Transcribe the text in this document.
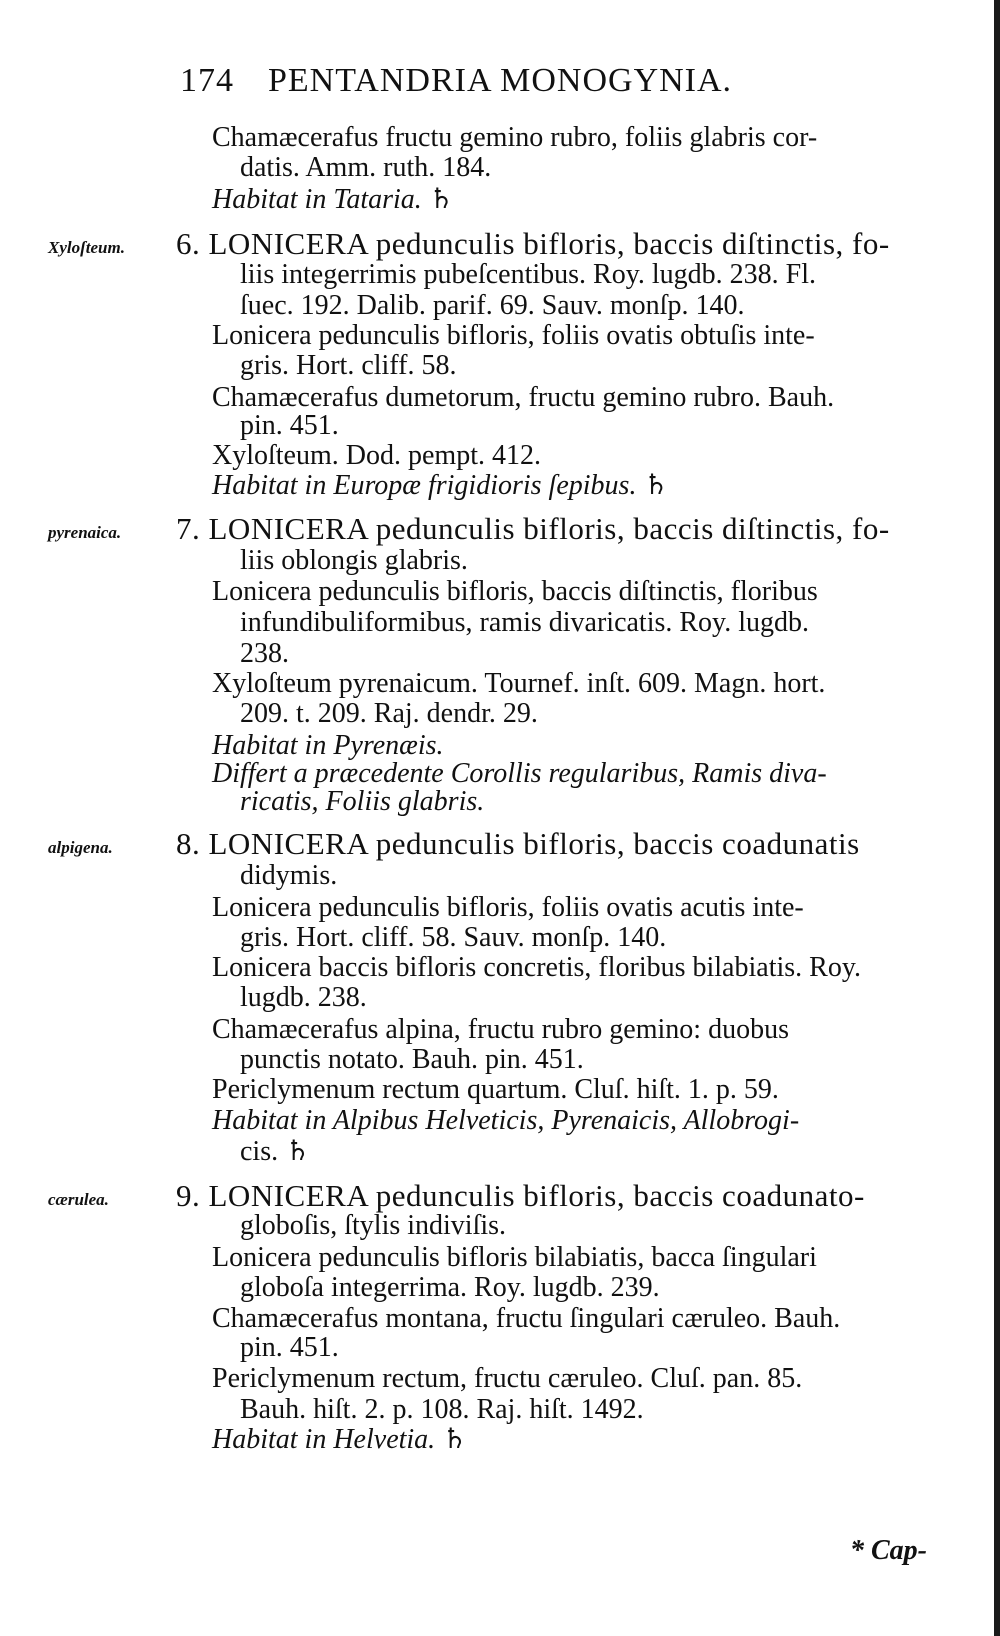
174 PENTANDRIA MONOGYNIA.
Chamæcerafus fructu gemino rubro, foliis glabris cor-
datis. Amm. ruth. 184.
Habitat in Tataria. ♄
6. LONICERA pedunculis bifloris, baccis diſtinctis, fo-
Xyloſteum.
liis integerrimis pubeſcentibus. Roy. lugdb. 238. Fl.
ſuec. 192. Dalib. parif. 69. Sauv. monſp. 140.
Lonicera pedunculis bifloris, foliis ovatis obtuſis inte-
gris. Hort. cliff. 58.
Chamæcerafus dumetorum, fructu gemino rubro. Bauh.
pin. 451.
Xyloſteum. Dod. pempt. 412.
Habitat in Europæ frigidioris ſepibus. ♄
7. LONICERA pedunculis bifloris, baccis diſtinctis, fo-
pyrenaica.
liis oblongis glabris.
Lonicera pedunculis bifloris, baccis diſtinctis, floribus
infundibuliformibus, ramis divaricatis. Roy. lugdb.
238.
Xyloſteum pyrenaicum. Tournef. inſt. 609. Magn. hort.
209. t. 209. Raj. dendr. 29.
Habitat in Pyrenæis.
Differt a præcedente Corollis regularibus, Ramis diva-
ricatis, Foliis glabris.
8. LONICERA pedunculis bifloris, baccis coadunatis
alpigena.
didymis.
Lonicera pedunculis bifloris, foliis ovatis acutis inte-
gris. Hort. cliff. 58. Sauv. monſp. 140.
Lonicera baccis bifloris concretis, floribus bilabiatis. Roy.
lugdb. 238.
Chamæcerafus alpina, fructu rubro gemino: duobus
punctis notato. Bauh. pin. 451.
Periclymenum rectum quartum. Cluſ. hiſt. 1. p. 59.
Habitat in Alpibus Helveticis, Pyrenaicis, Allobrogi-
cis. ♄
9. LONICERA pedunculis bifloris, baccis coadunato-
cærulea.
globoſis, ſtylis indiviſis.
Lonicera pedunculis bifloris bilabiatis, bacca ſingulari
globoſa integerrima. Roy. lugdb. 239.
Chamæcerafus montana, fructu ſingulari cæruleo. Bauh.
pin. 451.
Periclymenum rectum, fructu cæruleo. Cluſ. pan. 85.
Bauh. hiſt. 2. p. 108. Raj. hiſt. 1492.
Habitat in Helvetia. ♄
* Cap-
